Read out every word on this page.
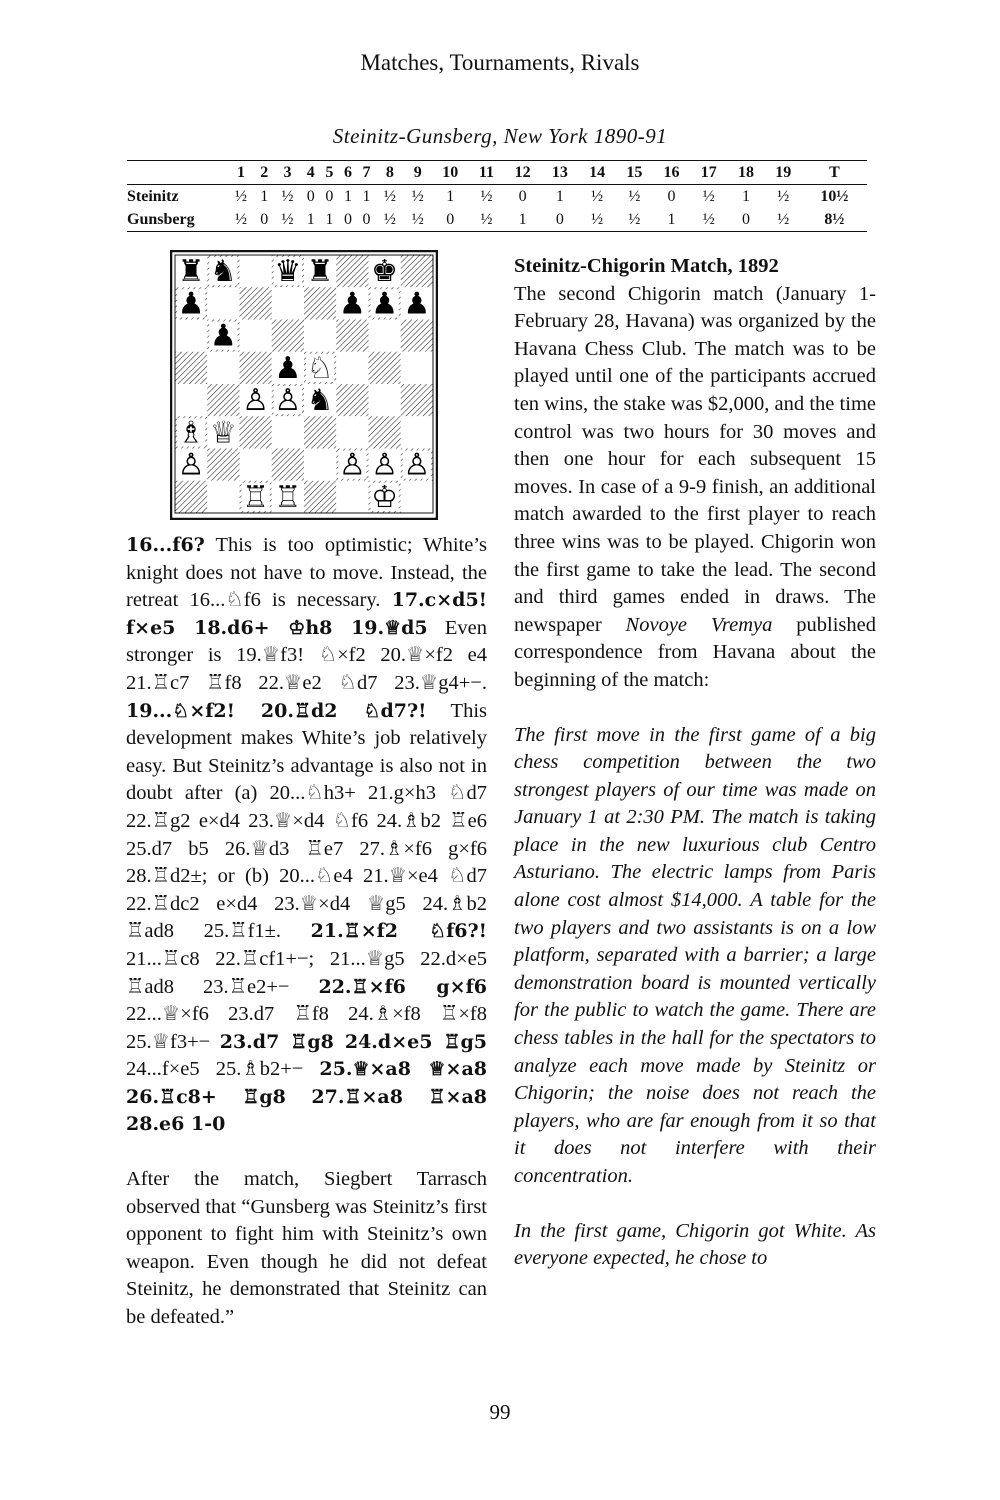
Matches, Tournaments, Rivals
Steinitz-Gunsberg, New York 1890-91
	1	2	3	4	5	6	7	8	9	10	11	12	13	14	15	16	17	18	19	T
Steinitz	½	1	½	0	0	1	1	½	½	1	½	0	1	½	½	0	½	1	½	10½
Gunsberg	½	0	½	1	1	0	0	½	½	0	½	1	0	½	½	1	½	0	½	8½
♜ ♞ ♛ ♜ ♚
♟	♟ ♟ ♟
♟
♟ ♘
♙ ♙ ♞
♗ ♕
♙	♙ ♙ ♙
♖ ♖ ♔

16...f6? This is too optimistic; White’s knight does not have to move. Instead, the retreat 16...♘f6 is necessary. 17.c×d5! f×e5 18.d6+ ♔h8 19.♕d5 Even stronger is 19.♕f3! ♘×f2 20.♕×f2 e4 21.♖c7 ♖f8 22.♕e2 ♘d7 23.♕g4+−. 19...♘×f2! 20.♖d2 ♘d7?! This development makes White’s job relatively easy. But Steinitz’s advantage is also not in doubt after (a) 20...♘h3+ 21.g×h3 ♘d7 22.♖g2 e×d4 23.♕×d4 ♘f6 24.♗b2 ♖e6 25.d7 b5 26.♕d3 ♖e7 27.♗×f6 g×f6 28.♖d2±; or (b) 20...♘e4 21.♕×e4 ♘d7 22.♖dc2 e×d4 23.♕×d4 ♕g5 24.♗b2 ♖ad8 25.♖f1±. 21.♖×f2 ♘f6?! 21...♖c8 22.♖cf1+−; 21...♕g5 22.d×e5 ♖ad8 23.♖e2+− 22.♖×f6 g×f6 22...♕×f6 23.d7 ♖f8 24.♗×f8 ♖×f8 25.♕f3+− 23.d7 ♖g8 24.d×e5 ♖g5 24...f×e5 25.♗b2+− 25.♕×a8 ♕×a8 26.♖c8+ ♖g8 27.♖×a8 ♖×a8 28.e6 1-0

After the match, Siegbert Tarrasch observed that “Gunsberg was Steinitz’s first opponent to fight him with Steinitz’s own weapon. Even though he did not defeat Steinitz, he demonstrated that Steinitz can be defeated.”

Steinitz-Chigorin Match, 1892

The second Chigorin match (January 1-February 28, Havana) was organized by the Havana Chess Club. The match was to be played until one of the participants accrued ten wins, the stake was $2,000, and the time control was two hours for 30 moves and then one hour for each subsequent 15 moves. In case of a 9-9 finish, an additional match awarded to the first player to reach three wins was to be played. Chigorin won the first game to take the lead. The second and third games ended in draws. The newspaper Novoye Vremya published correspondence from Havana about the beginning of the match:

The first move in the first game of a big chess competition between the two strongest players of our time was made on January 1 at 2:30 PM. The match is taking place in the new luxurious club Centro Asturiano. The electric lamps from Paris alone cost almost $14,000. A table for the two players and two assistants is on a low platform, separated with a barrier; a large demonstration board is mounted vertically for the public to watch the game. There are chess tables in the hall for the spectators to analyze each move made by Steinitz or Chigorin; the noise does not reach the players, who are far enough from it so that it does not interfere with their concentration.

In the first game, Chigorin got White. As everyone expected, he chose to

99
